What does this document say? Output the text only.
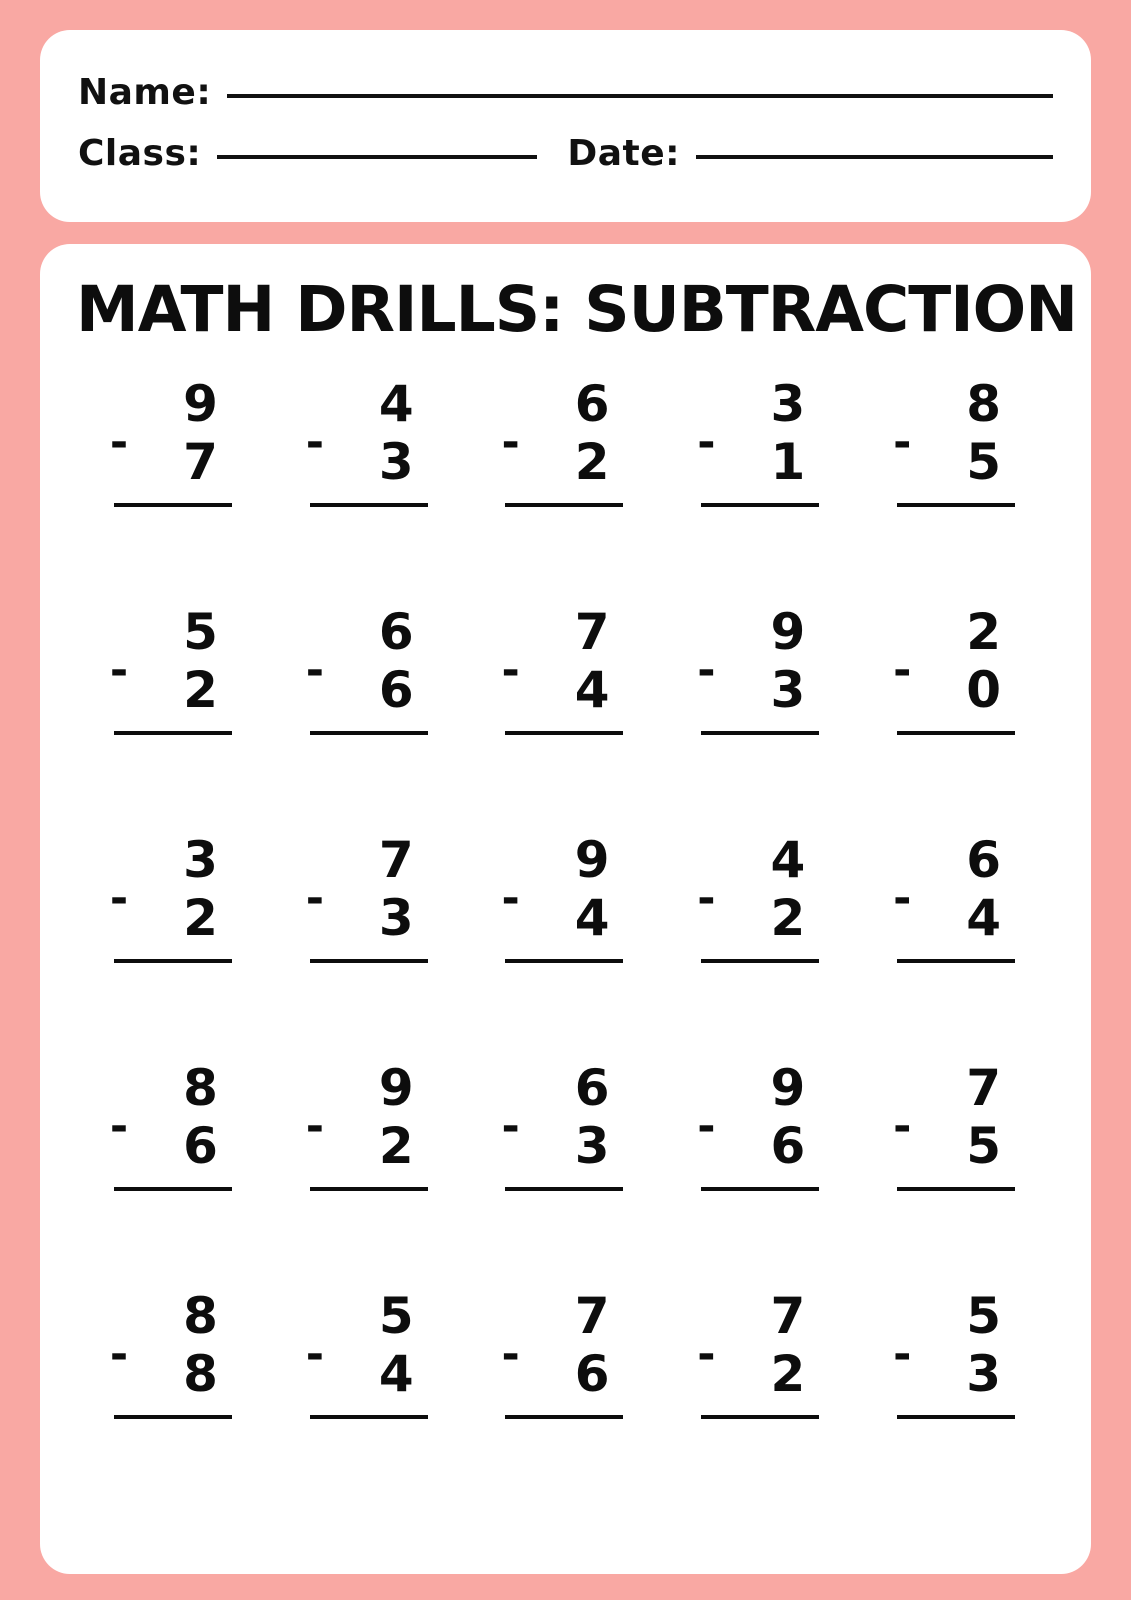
Name:
Class:	Date:
MATH DRILLS: SUBTRACTION
9
-	7
4
-	3
6
-	2
3
-	1
8
-	5
5
-	2
6
-	6
7
-	4
9
-	3
2
-	0
3
-	2
7
-	3
9
-	4
4
-	2
6
-	4
8
-	6
9
-	2
6
-	3
9
-	6
7
-	5
8
-	8
5
-	4
7
-	6
7
-	2
5
-	3
